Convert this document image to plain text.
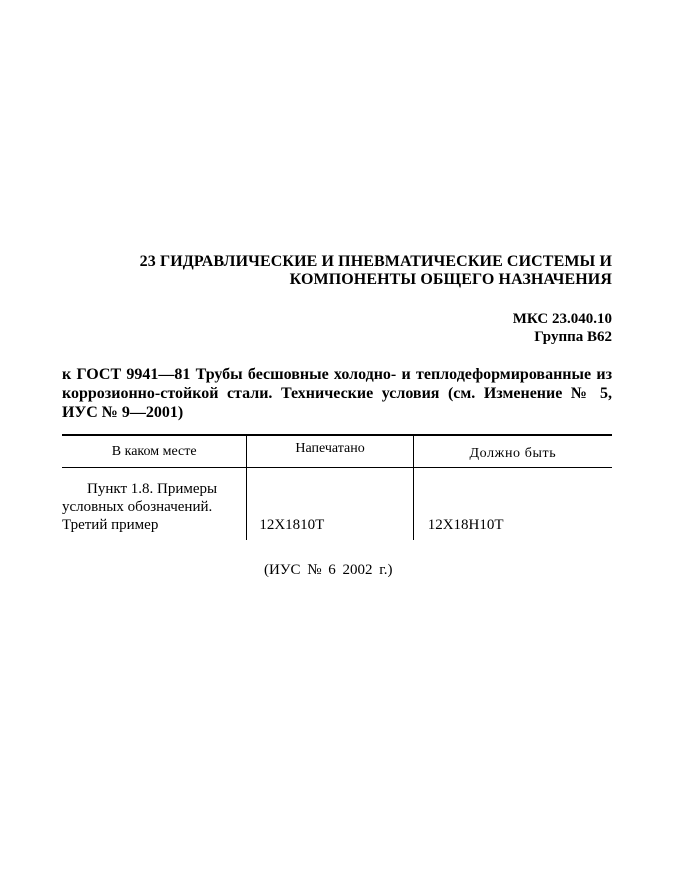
23 ГИДРАВЛИЧЕСКИЕ И ПНЕВМАТИЧЕСКИЕ СИСТЕМЫ И
КОМПОНЕНТЫ ОБЩЕГО НАЗНАЧЕНИЯ
МКС 23.040.10
Группа В62
к ГОСТ 9941—81 Трубы бесшовные холодно- и теплодеформированные из
коррозионно-стойкой стали. Технические условия (см. Изменение № 5,
ИУС № 9—2001)
В каком месте	Напечатано	Должно быть

Пункт 1.8. Примеры
условных обозначений.
Третий пример	12Х1810Т	12Х18Н10Т
(ИУС № 6 2002 г.)
